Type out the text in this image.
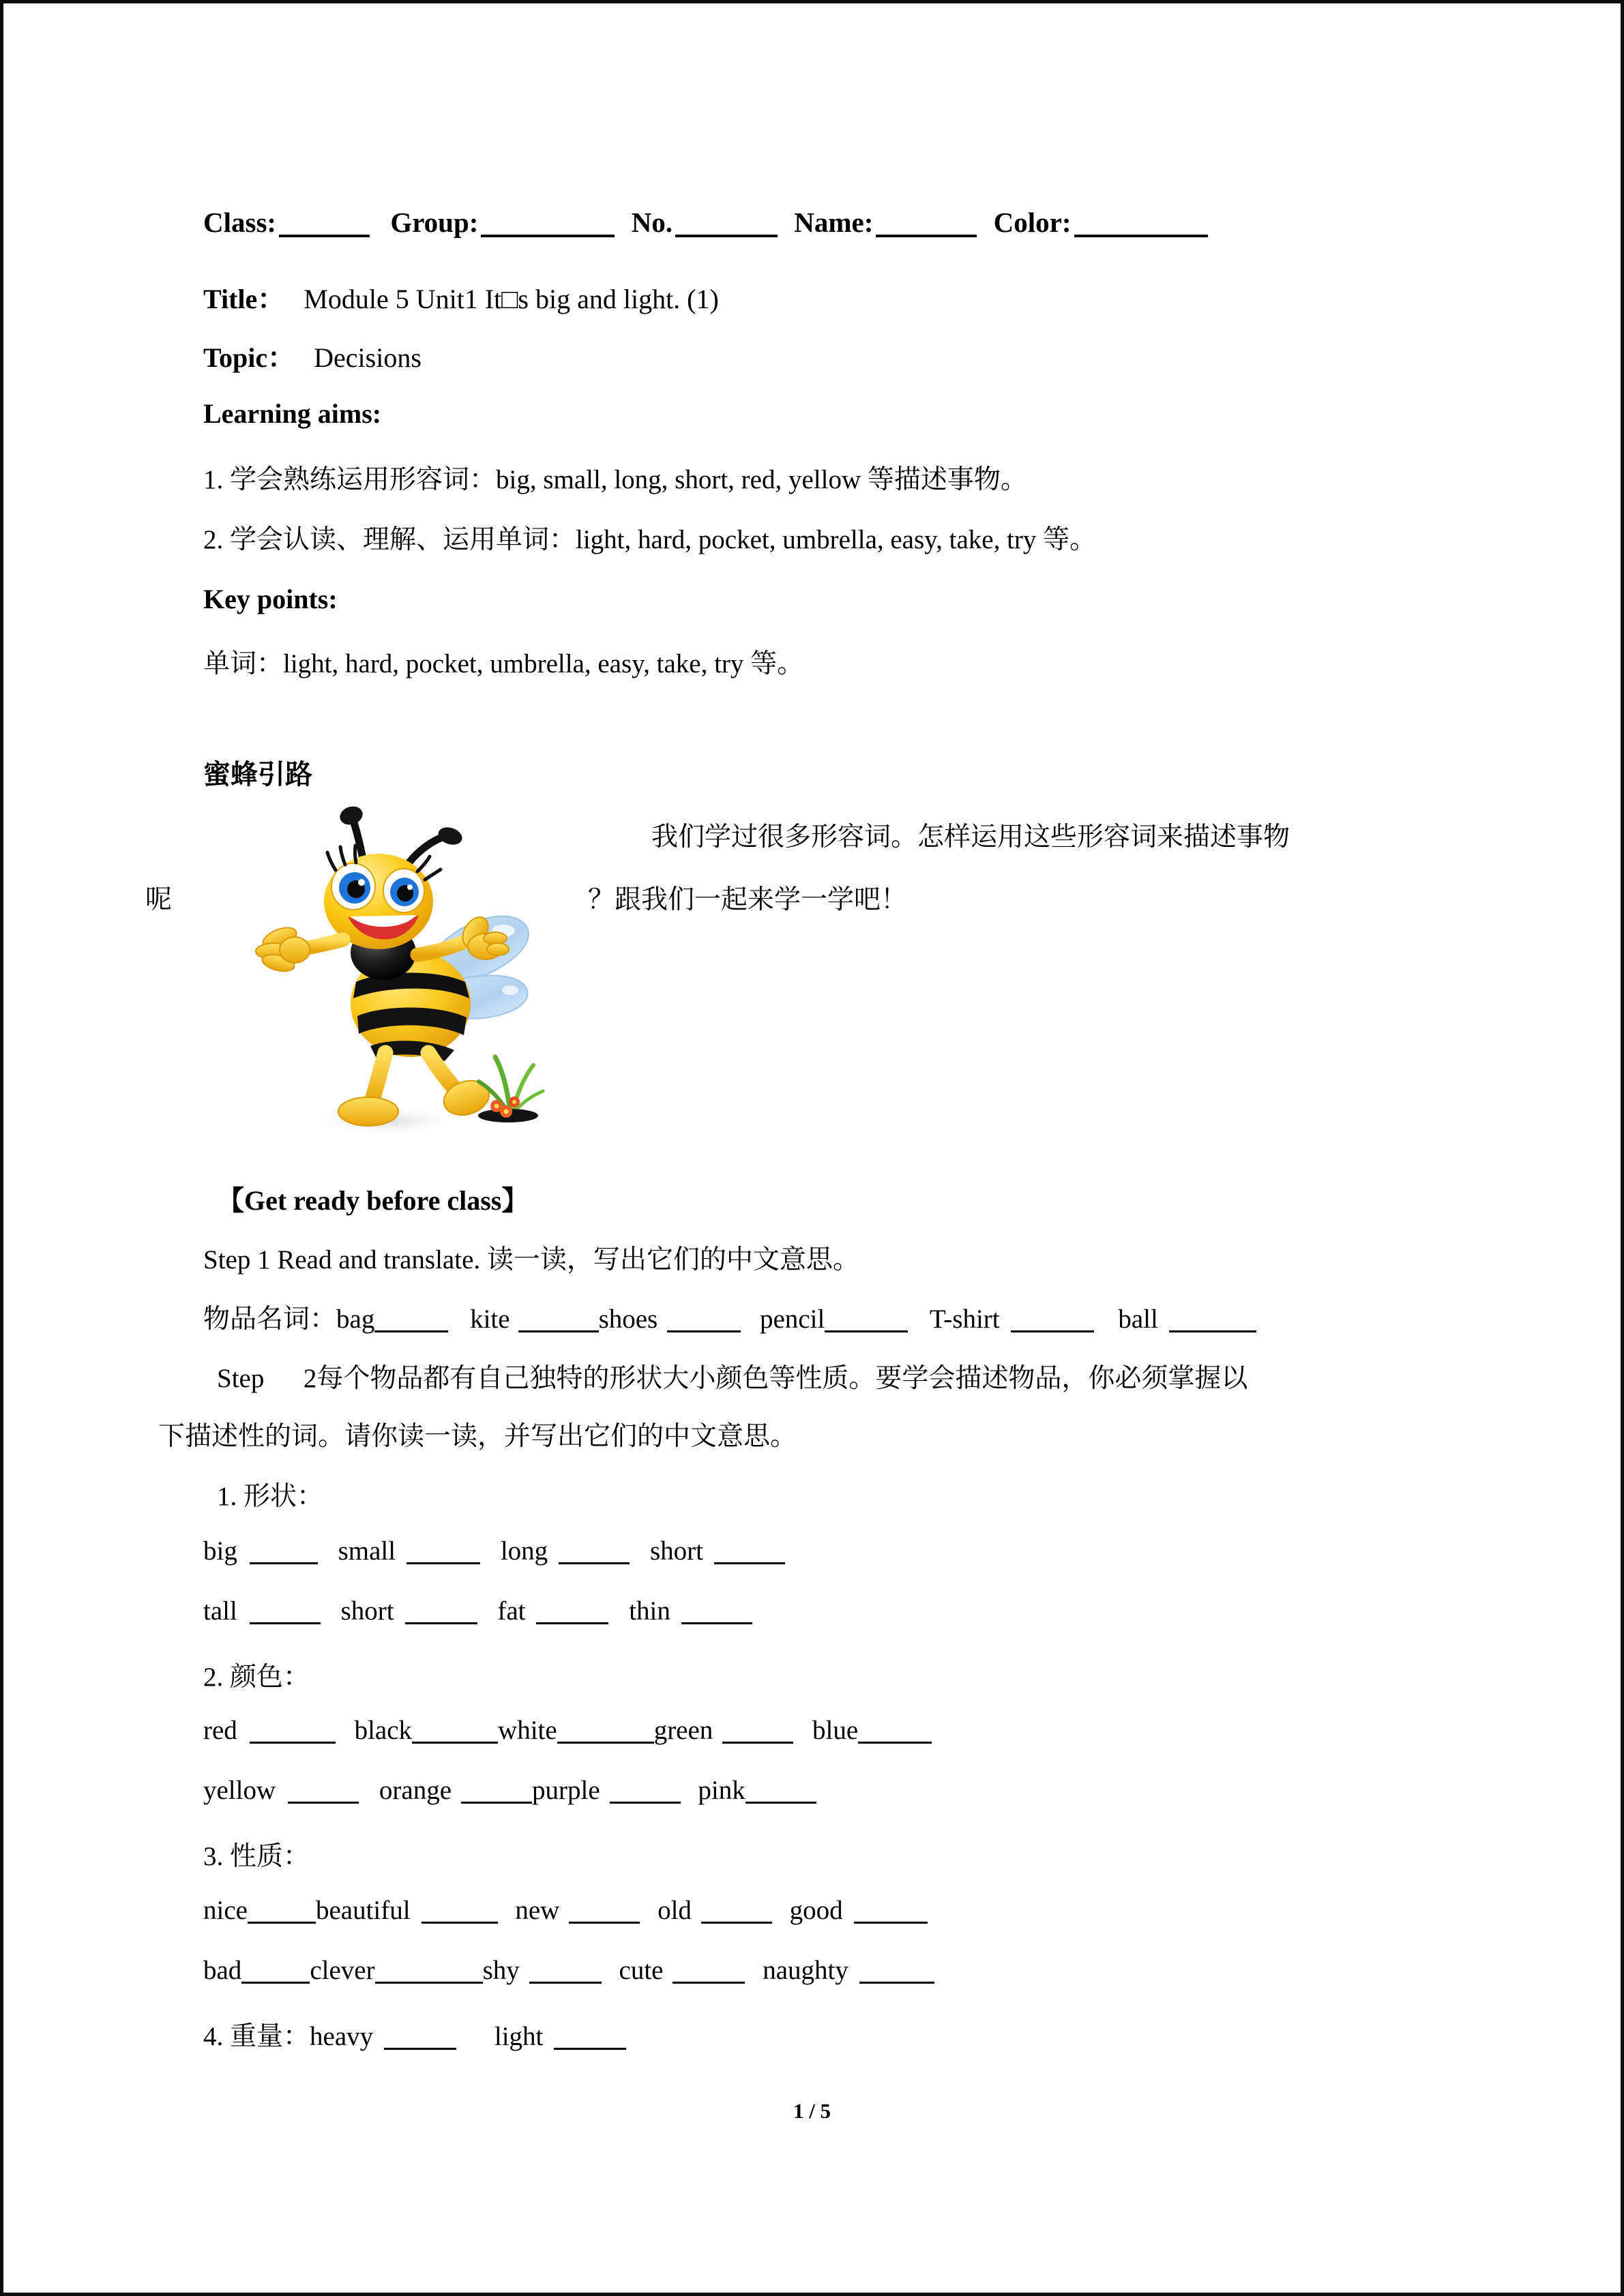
Class:	Group:	No.	Name:	Color:
Title： Module 5 Unit1 It□s big and light. (1)
Topic： Decisions
Learning aims:
1. 学会熟练运用形容词：big, small, long, short, red, yellow 等描述事物。
2. 学会认读、理解、运用单词：light, hard, pocket, umbrella, easy, take, try 等。
Key points:
单词：light, hard, pocket, umbrella, easy, take, try 等。
蜜蜂引路
我们学过很多形容词。怎样运用这些形容词来描述事物
呢	？跟我们一起来学一学吧！
【Get ready before class】
Step 1 Read and translate. 读一读，写出它们的中文意思。
物品名词：bag	kite	shoes	pencil	T-shirt	ball
Step 2每个物品都有自己独特的形状大小颜色等性质。要学会描述物品，你必须掌握以
下描述性的词。请你读一读，并写出它们的中文意思。
1. 形状：
big	small	long	short
tall	short	fat	thin
2. 颜色：
red	black	white	green	blue
yellow	orange	purple	pink
3. 性质：
nice	beautiful	new	old	good
bad	clever	shy	cute	naughty
4. 重量：heavy	light
1 / 5
